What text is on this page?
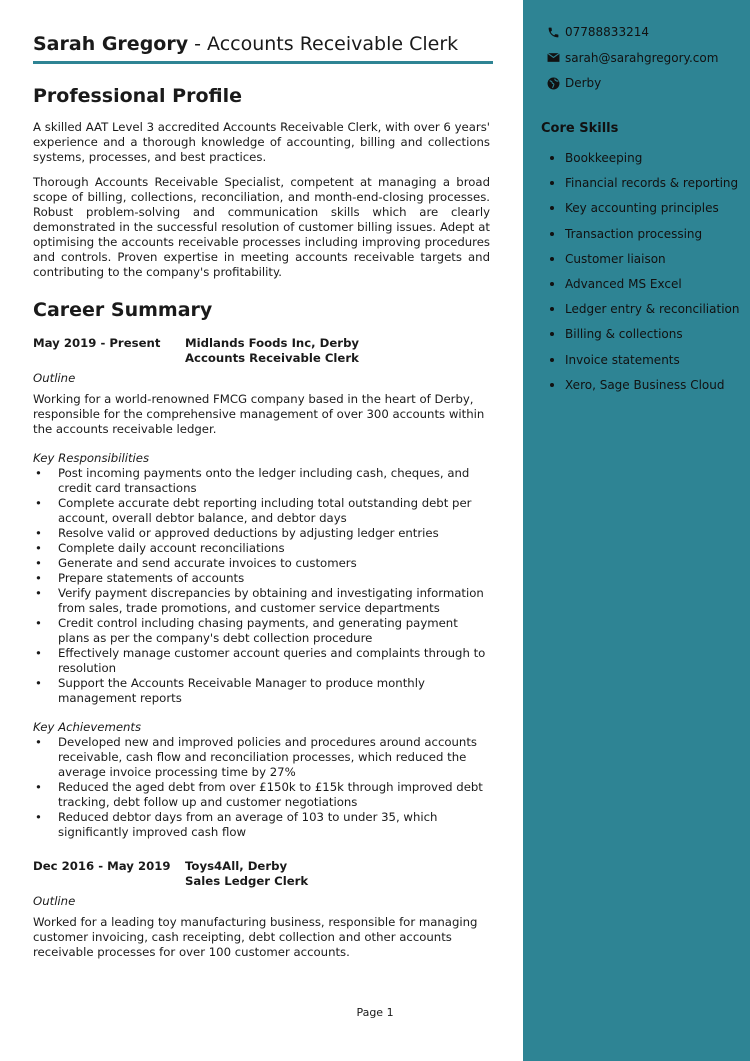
Sarah Gregory - Accounts Receivable Clerk
Professional Profile

A skilled AAT Level 3 accredited Accounts Receivable Clerk, with over 6 years' experience and a thorough knowledge of accounting, billing and collections systems, processes, and best practices.

Thorough Accounts Receivable Specialist, competent at managing a broad scope of billing, collections, reconciliation, and month-end-closing processes. Robust problem-solving and communication skills which are clearly demonstrated in the successful resolution of customer billing issues. Adept at optimising the accounts receivable processes including improving procedures and controls. Proven expertise in meeting accounts receivable targets and contributing to the company's profitability.

Career Summary
May 2019 - Present	Midlands Foods Inc, Derby
Accounts Receivable Clerk
Outline

Working for a world-renowned FMCG company based in the heart of Derby, responsible for the comprehensive management of over 300 accounts within the accounts receivable ledger.

Key Responsibilities
• Post incoming payments onto the ledger including cash, cheques, and credit card transactions
• Complete accurate debt reporting including total outstanding debt per account, overall debtor balance, and debtor days
• Resolve valid or approved deductions by adjusting ledger entries
• Complete daily account reconciliations
• Generate and send accurate invoices to customers
• Prepare statements of accounts
• Verify payment discrepancies by obtaining and investigating information from sales, trade promotions, and customer service departments
• Credit control including chasing payments, and generating payment plans as per the company's debt collection procedure
• Effectively manage customer account queries and complaints through to resolution
• Support the Accounts Receivable Manager to produce monthly management reports
Key Achievements
• Developed new and improved policies and procedures around accounts receivable, cash flow and reconciliation processes, which reduced the average invoice processing time by 27%
• Reduced the aged debt from over £150k to £15k through improved debt tracking, debt follow up and customer negotiations
• Reduced debtor days from an average of 103 to under 35, which significantly improved cash flow
Dec 2016 - May 2019	Toys4All, Derby
Sales Ledger Clerk
Outline

Worked for a leading toy manufacturing business, responsible for managing customer invoicing, cash receipting, debt collection and other accounts receivable processes for over 100 customer accounts.

Page 1
07788833214
sarah@sarahgregory.com
Derby
Core Skills
Bookkeeping
Financial records & reporting
Key accounting principles
Transaction processing
Customer liaison
Advanced MS Excel
Ledger entry & reconciliation
Billing & collections
Invoice statements
Xero, Sage Business Cloud
